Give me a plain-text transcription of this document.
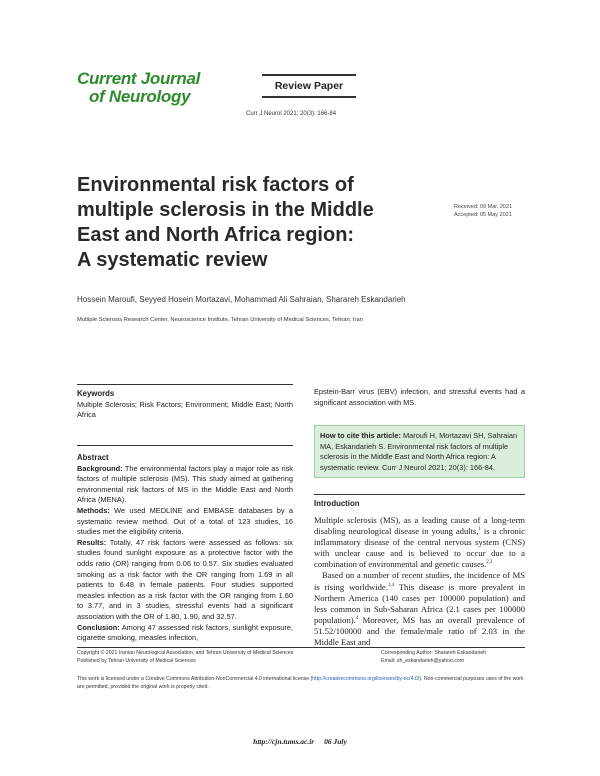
Current Journal
of Neurology
Review Paper
Curr J Neurol 2021; 20(3): 166-84
Environmental risk factors of
multiple sclerosis in the Middle
East and North Africa region:
A systematic review
Received: 09 Mar. 2021
Accepted: 05 May 2021
Hossein Maroufi, Seyyed Hosein Mortazavi, Mohammad Ali Sahraian, Sharareh Eskandarieh
Multiple Sclerosis Research Center, Neuroscience Institute, Tehran University of Medical Sciences, Tehran, Iran
Keywords
Multiple Sclerosis; Risk Factors; Environment; Middle East; North Africa
Abstract
Background: The environmental factors play a major role as risk factors of multiple sclerosis (MS). This study aimed at gathering environmental risk factors of MS in the Middle East and North Africa (MENA).
Methods: We used MEDLINE and EMBASE databases by a systematic review method. Out of a total of 123 studies, 16 studies met the eligibility criteria.
Results: Totally, 47 risk factors were assessed as follows: six studies found sunlight exposure as a protective factor with the odds ratio (OR) ranging from 0.06 to 0.57. Six studies evaluated smoking as a risk factor with the OR ranging from 1.69 in all patients to 6.48 in female patients. Four studies supported measles infection as a risk factor with the OR ranging from 1.60 to 3.77, and in 3 studies, stressful events had a significant association with the OR of 1.80, 1.90, and 32.57.
Conclusion: Among 47 assessed risk factors, sunlight exposure, cigarette smoking, measles infection,
Epstein-Barr virus (EBV) infection, and stressful events had a significant association with MS.
How to cite this article: Maroufi H, Mortazavi SH, Sahraian MA, Eskandarieh S. Environmental risk factors of multiple sclerosis in the Middle East and North Africa region: A systematic review. Curr J Neurol 2021; 20(3): 166-84.
Introduction

Multiple sclerosis (MS), as a leading cause of a long-term disabling neurological disease in young adults,$^1$ is a chronic inflammatory disease of the central nervous system (CNS) with unclear cause and is believed to occur due to a combination of environmental and genetic causes.$^{2,3}$

Based on a number of recent studies, the incidence of MS is rising worldwide.$^{1,4}$ This disease is more prevalent in Northern America (140 cases per 100000 population) and less common in Sub-Saharan Africa (2.1 cases per 100000 population).$^4$ Moreover, MS has an overall prevalence of 51.52/100000 and the female/male ratio of 2.03 in the Middle East and

Copyright © 2021 Iranian Neurological Association, and Tehran University of Medical Sciences
Published by Tehran University of Medical Sciences
Corresponding Author: Sharareh Eskandarieh
Email: sh_eskandarieh@yahoo.com
This work is licensed under a Creative Commons Attribution-NonCommercial 4.0 international license (http://creativecommons.org/licenses/by-nc/4.0/). Non-commercial purposes uses of the work are permitted, provided the original work is properly cited.
http://cjn.tums.ac.ir 06 July
